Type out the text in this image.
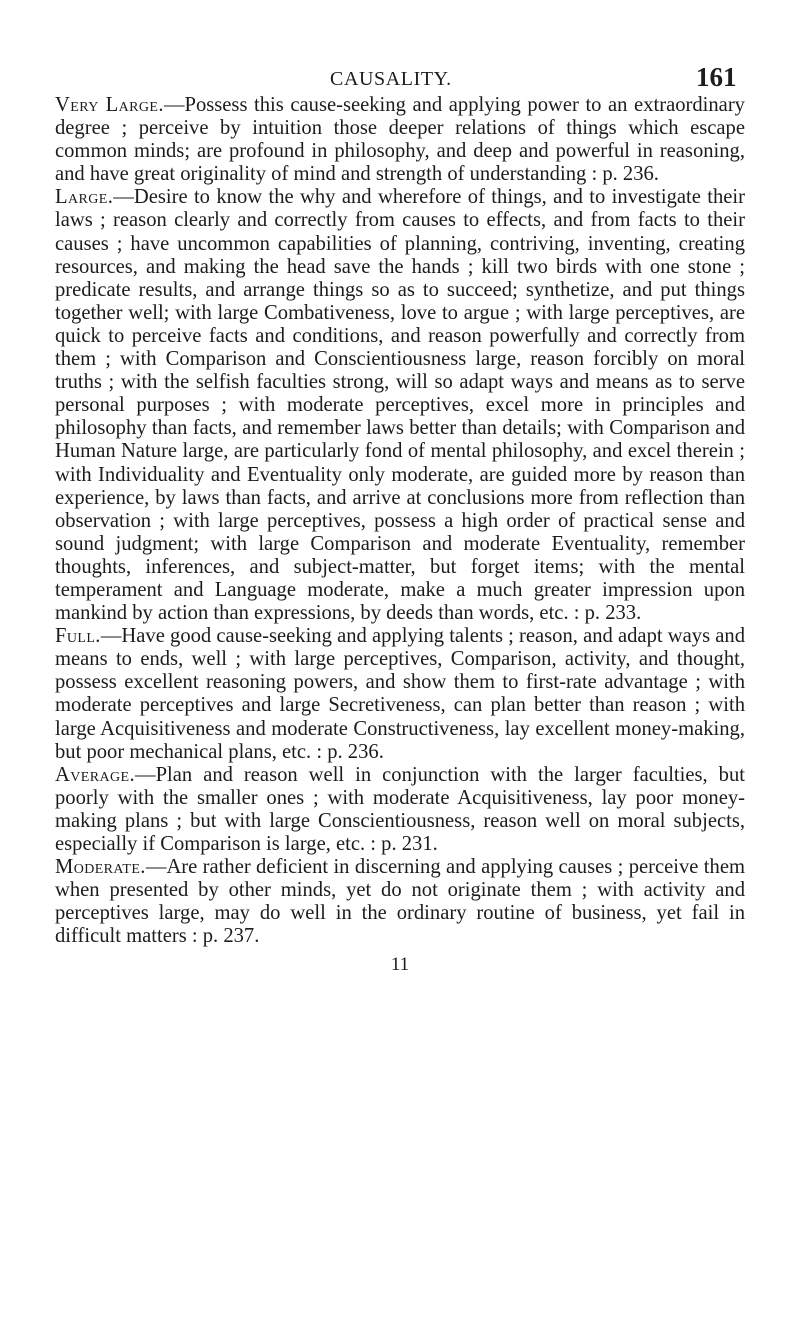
CAUSALITY.	161

Very Large.—Possess this cause-seeking and applying power to an extraordinary degree ; perceive by intuition those deeper relations of things which escape common minds; are profound in philosophy, and deep and powerful in reasoning, and have great originality of mind and strength of understanding : p. 236.

Large.—Desire to know the why and wherefore of things, and to investigate their laws ; reason clearly and correctly from causes to effects, and from facts to their causes ; have uncommon capabilities of planning, contriving, inventing, creating resources, and making the head save the hands ; kill two birds with one stone ; predicate results, and arrange things so as to succeed; synthetize, and put things together well; with large Combativeness, love to argue ; with large perceptives, are quick to perceive facts and conditions, and reason powerfully and correctly from them ; with Comparison and Conscientiousness large, reason forcibly on moral truths ; with the selfish faculties strong, will so adapt ways and means as to serve personal purposes ; with moderate perceptives, excel more in principles and philosophy than facts, and remember laws better than details; with Comparison and Human Nature large, are particularly fond of mental philosophy, and excel therein ; with Individuality and Eventuality only moderate, are guided more by reason than experience, by laws than facts, and arrive at conclusions more from reflection than observation ; with large perceptives, possess a high order of practical sense and sound judgment; with large Comparison and moderate Eventuality, remember thoughts, inferences, and subject-matter, but forget items; with the mental temperament and Language moderate, make a much greater impression upon mankind by action than expressions, by deeds than words, etc. : p. 233.

Full.—Have good cause-seeking and applying talents ; reason, and adapt ways and means to ends, well ; with large perceptives, Comparison, activity, and thought, possess excellent reasoning powers, and show them to first-rate advantage ; with moderate perceptives and large Secretiveness, can plan better than reason ; with large Acquisitiveness and moderate Constructiveness, lay excellent money-making, but poor mechanical plans, etc. : p. 236.

Average.—Plan and reason well in conjunction with the larger faculties, but poorly with the smaller ones ; with moderate Acquisitiveness, lay poor money-making plans ; but with large Conscientiousness, reason well on moral subjects, especially if Comparison is large, etc. : p. 231.

Moderate.—Are rather deficient in discerning and applying causes ; perceive them when presented by other minds, yet do not originate them ; with activity and perceptives large, may do well in the ordinary routine of business, yet fail in difficult matters : p. 237.

11
